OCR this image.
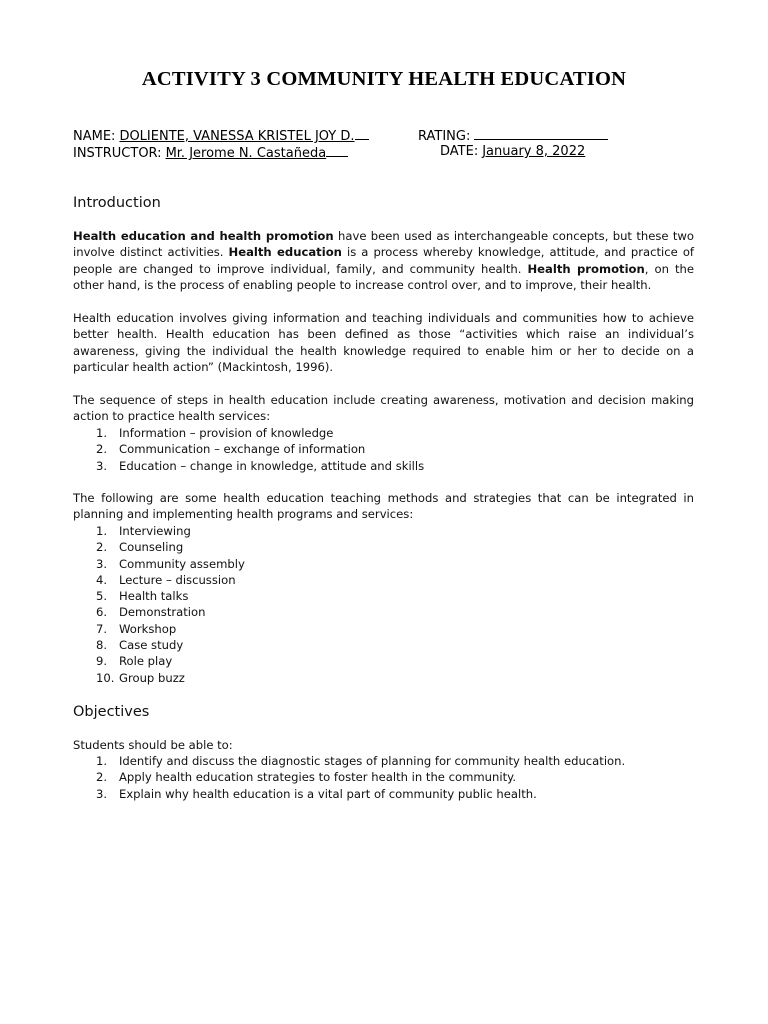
ACTIVITY 3 COMMUNITY HEALTH EDUCATION
NAME: DOLIENTE, VANESSA KRISTEL JOY D.	RATING:
INSTRUCTOR: Mr. Jerome N. Castañeda	DATE: January 8, 2022
Introduction
Health education and health promotion have been used as interchangeable concepts, but these two involve distinct activities. Health education is a process whereby knowledge, attitude, and practice of people are changed to improve individual, family, and community health. Health promotion, on the other hand, is the process of enabling people to increase control over, and to improve, their health.
Health education involves giving information and teaching individuals and communities how to achieve better health. Health education has been defined as those “activities which raise an individual’s awareness, giving the individual the health knowledge required to enable him or her to decide on a particular health action” (Mackintosh, 1996).
The sequence of steps in health education include creating awareness, motivation and decision making action to practice health services:
1.	Information – provision of knowledge
2.	Communication – exchange of information
3.	Education – change in knowledge, attitude and skills
The following are some health education teaching methods and strategies that can be integrated in planning and implementing health programs and services:
1.	Interviewing
2.	Counseling
3.	Community assembly
4.	Lecture – discussion
5.	Health talks
6.	Demonstration
7.	Workshop
8.	Case study
9.	Role play
10. Group buzz
Objectives
Students should be able to:
1.	Identify and discuss the diagnostic stages of planning for community health education.
2.	Apply health education strategies to foster health in the community.
3.	Explain why health education is a vital part of community public health.
